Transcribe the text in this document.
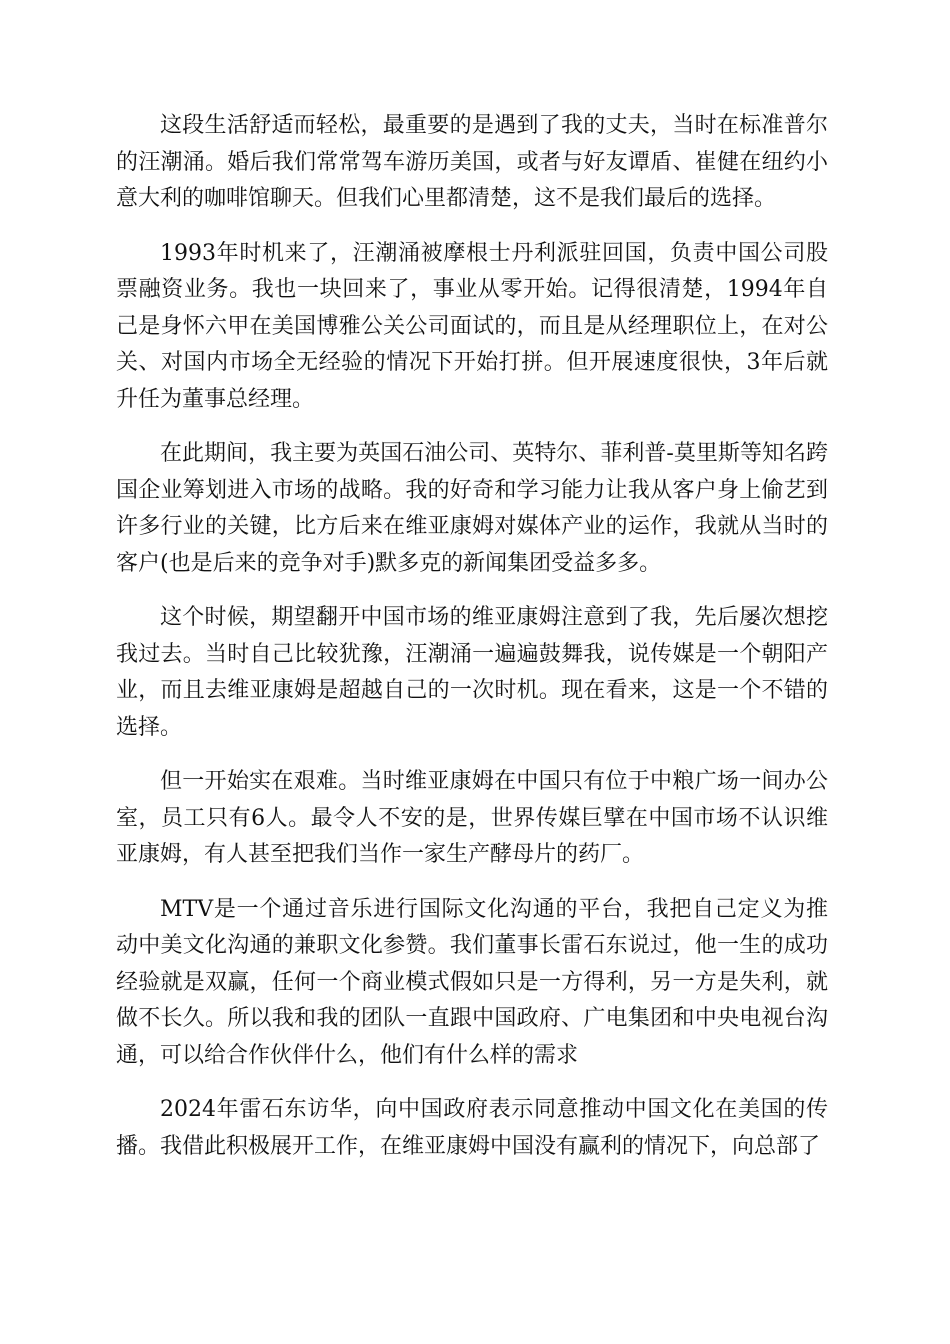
这段生活舒适而轻松，最重要的是遇到了我的丈夫，当时在标准普尔的汪潮涌。婚后我们常常驾车游历美国，或者与好友谭盾、崔健在纽约小意大利的咖啡馆聊天。但我们心里都清楚，这不是我们最后的选择。

1993年时机来了，汪潮涌被摩根士丹利派驻回国，负责中国公司股票融资业务。我也一块回来了，事业从零开始。记得很清楚，1994年自己是身怀六甲在美国博雅公关公司面试的，而且是从经理职位上，在对公关、对国内市场全无经验的情况下开始打拼。但开展速度很快，3年后就升任为董事总经理。

在此期间，我主要为英国石油公司、英特尔、菲利普-莫里斯等知名跨国企业筹划进入市场的战略。我的好奇和学习能力让我从客户身上偷艺到许多行业的关键，比方后来在维亚康姆对媒体产业的运作，我就从当时的客户(也是后来的竞争对手)默多克的新闻集团受益多多。

这个时候，期望翻开中国市场的维亚康姆注意到了我，先后屡次想挖我过去。当时自己比较犹豫，汪潮涌一遍遍鼓舞我，说传媒是一个朝阳产业，而且去维亚康姆是超越自己的一次时机。现在看来，这是一个不错的选择。

但一开始实在艰难。当时维亚康姆在中国只有位于中粮广场一间办公室，员工只有6人。最令人不安的是，世界传媒巨擘在中国市场不认识维亚康姆，有人甚至把我们当作一家生产酵母片的药厂。

MTV是一个通过音乐进行国际文化沟通的平台，我把自己定义为推动中美文化沟通的兼职文化参赞。我们董事长雷石东说过，他一生的成功经验就是双赢，任何一个商业模式假如只是一方得利，另一方是失利，就做不长久。所以我和我的团队一直跟中国政府、广电集团和中央电视台沟通，可以给合作伙伴什么，他们有什么样的需求

2024年雷石东访华，向中国政府表示同意推动中国文化在美国的传播。我借此积极展开工作，在维亚康姆中国没有赢利的情况下，向总部了
